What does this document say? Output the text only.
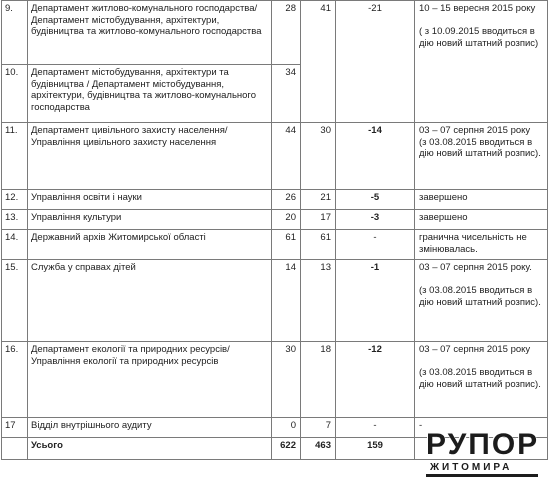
9.	Департамент житлово-комунального господарства/ Департамент містобудування, архітектури, будівництва та житлово-комунального господарства	28	41	-21	10 – 15 вересня 2015 року
( з 10.09.2015 вводиться в дію новий штатний розпис)

10.	Департамент містобудування, архітектури та будівництва / Департамент містобудування, архітектури, будівництва та житлово-комунального господарства	34			
11.	Департамент цивільного захисту населення/ Управління цивільного захисту населення	44	30	-14	03 – 07 серпня 2015 року
(з 03.08.2015 вводиться в дію новий штатний розпис).

12.	Управління освіти і науки	26	21	-5	завершено

13.	Управління культури	20	17	-3	завершено

14.	Державний архів Житомирської області	61	61	-	гранична чисельність не змінювалась.

15.	Служба у справах дітей	14	13	-1	03 – 07 серпня 2015 року.
(з 03.08.2015 вводиться в дію новий штатний розпис).

16.	Департамент екології та природних ресурсів/ Управління екології та природних ресурсів	30	18	-12	03 – 07 серпня 2015 року
(з 03.08.2015 вводиться в дію новий штатний розпис).

17	Відділ внутрішнього аудиту	0	7	-	-

	Усього	622	463	159	РУПОР
ЖИТОМИРА
